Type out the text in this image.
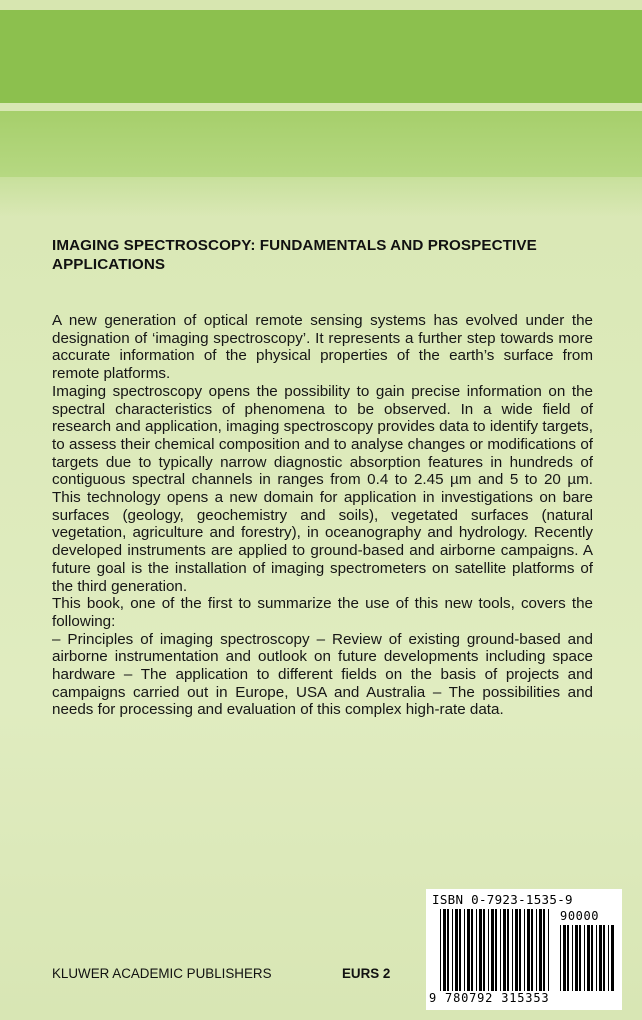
IMAGING SPECTROSCOPY: FUNDAMENTALS AND PROSPECTIVE APPLICATIONS

A new generation of optical remote sensing systems has evolved under the designation of ‘imaging spectroscopy’. It represents a further step towards more accurate information of the physical properties of the earth’s surface from remote platforms.

Imaging spectroscopy opens the possibility to gain precise information on the spectral characteristics of phenomena to be observed. In a wide field of research and application, imaging spectroscopy provides data to identify targets, to assess their chemical composition and to analyse changes or modifications of targets due to typically narrow diagnostic absorption features in hundreds of contiguous spectral channels in ranges from 0.4 to 2.45 µm and 5 to 20 µm. This technology opens a new domain for application in investigations on bare surfaces (geology, geochemistry and soils), vegetated surfaces (natural vegetation, agriculture and forestry), in oceanography and hydrology. Recently developed instruments are applied to ground-based and airborne campaigns. A future goal is the installation of imaging spectrometers on satellite platforms of the third generation.

This book, one of the first to summarize the use of this new tools, covers the following:

– Principles of imaging spectroscopy – Review of existing ground-based and airborne instrumentation and outlook on future developments including space hardware – The application to different fields on the basis of projects and campaigns carried out in Europe, USA and Australia – The possibilities and needs for processing and evaluation of this complex high-rate data.

KLUWER ACADEMIC PUBLISHERS	EURS 2
ISBN 0-7923-1535-9
90000
9 780792 315353
